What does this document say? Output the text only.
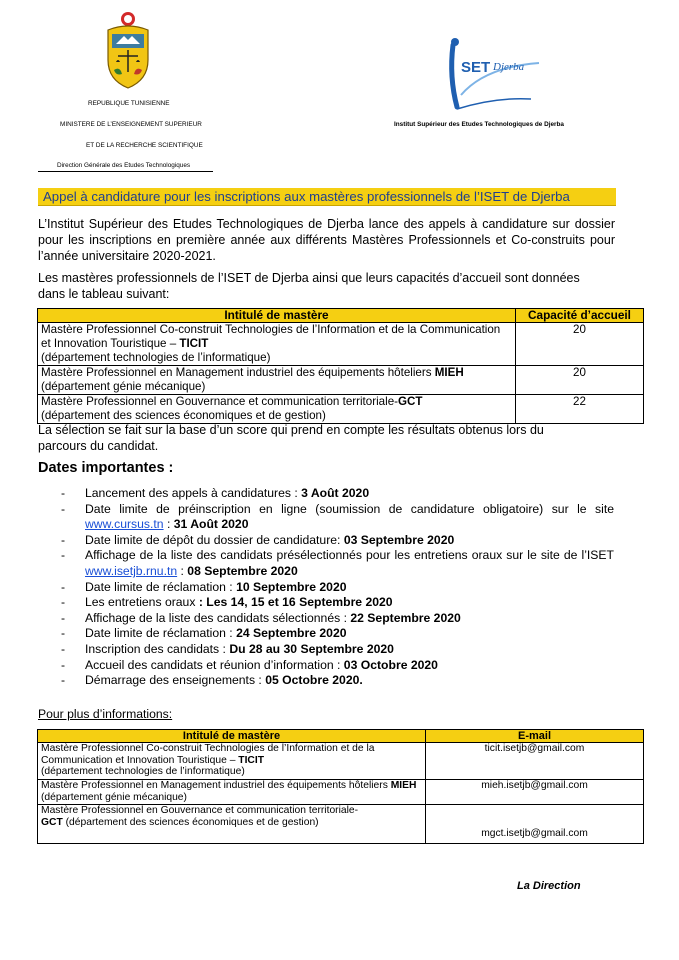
SET Djerba
REPUBLIQUE TUNISIENNE
MINISTERE DE L’ENSEIGNEMENT SUPERIEUR
ET DE LA RECHERCHE SCIENTIFIQUE
Direction Générale des Etudes Technologiques
Institut Supérieur des Etudes Technologiques de Djerba
Appel à candidature pour les inscriptions aux mastères professionnels de l’ISET de Djerba
L’Institut Supérieur des Etudes Technologiques de Djerba lance des appels à candidature sur dossier pour les inscriptions en première année aux différents Mastères Professionnels et Co-construits pour l’année universitaire 2020-2021.
Les mastères professionnels de l’ISET de Djerba ainsi que leurs capacités d’accueil sont données dans le tableau suivant:
Intitulé de mastère	Capacité d’accueil
Mastère Professionnel Co-construit Technologies de l’Information et de la Communication et Innovation Touristique – TICIT
(département technologies de l’informatique)	20
Mastère Professionnel en Management industriel des équipements hôteliers MIEH (département génie mécanique)	20
Mastère Professionnel en Gouvernance et communication territoriale-GCT
(département des sciences économiques et de gestion)	22
La sélection se fait sur la base d’un score qui prend en compte les résultats obtenus lors du parcours du candidat.
Dates importantes :
- Lancement des appels à candidatures : 3 Août 2020
- Date limite de préinscription en ligne (soumission de candidature obligatoire) sur le site www.cursus.tn : 31 Août 2020
- Date limite de dépôt du dossier de candidature: 03 Septembre 2020
- Affichage de la liste des candidats présélectionnés pour les entretiens oraux sur le site de l’ISET www.isetjb.rnu.tn : 08 Septembre 2020
- Date limite de réclamation : 10 Septembre 2020
- Les entretiens oraux : Les 14, 15 et 16 Septembre 2020
- Affichage de la liste des candidats sélectionnés : 22 Septembre 2020
- Date limite de réclamation : 24 Septembre 2020
- Inscription des candidats : Du 28 au 30 Septembre 2020
- Accueil des candidats et réunion d’information : 03 Octobre 2020
- Démarrage des enseignements : 05 Octobre 2020.
Pour plus d’informations:
Intitulé de mastère	E-mail
Mastère Professionnel Co-construit Technologies de l’Information et de la Communication et Innovation Touristique – TICIT
(département technologies de l’informatique)	ticit.isetjb@gmail.com
Mastère Professionnel en Management industriel des équipements hôteliers MIEH (département génie mécanique)	mieh.isetjb@gmail.com
Mastère Professionnel en Gouvernance et communication territoriale-
GCT (département des sciences économiques et de gestion)	mgct.isetjb@gmail.com
La Direction
